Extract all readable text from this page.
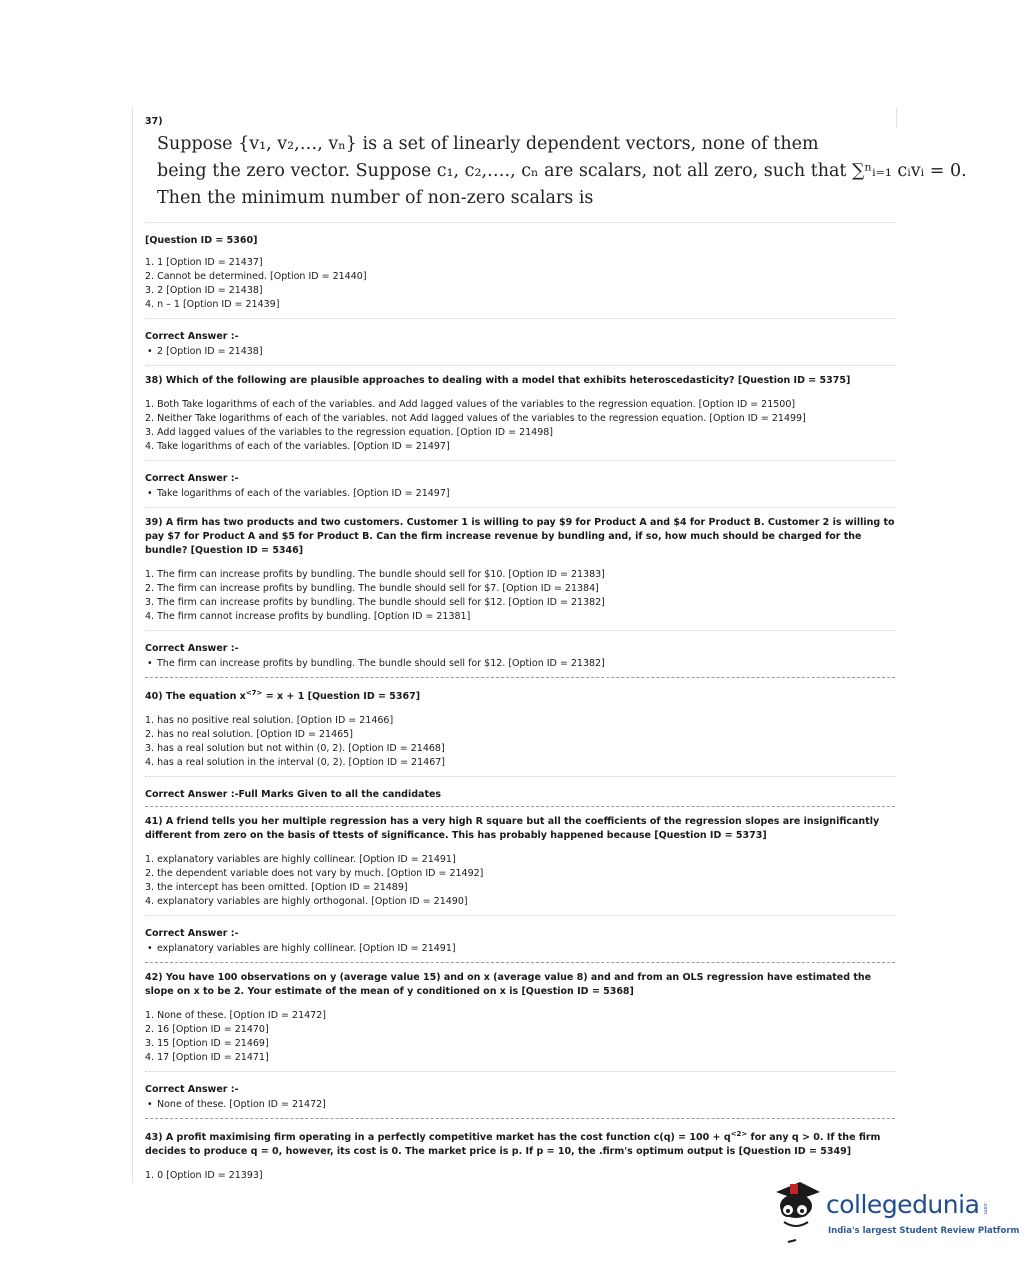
37)
Suppose {v₁, v₂,…, vₙ} is a set of linearly dependent vectors, none of them
being the zero vector. Suppose c₁, c₂,…., cₙ are scalars, not all zero, such that ∑ⁿᵢ₌₁ cᵢvᵢ = 0.
Then the minimum number of non-zero scalars is
[Question ID = 5360]
1. 1 [Option ID = 21437]
2. Cannot be determined. [Option ID = 21440]
3. 2 [Option ID = 21438]
4. n – 1 [Option ID = 21439]
Correct Answer :-
• 2 [Option ID = 21438]
38) Which of the following are plausible approaches to dealing with a model that exhibits heteroscedasticity? [Question ID = 5375]
1. Both Take logarithms of each of the variables. and Add lagged values of the variables to the regression equation. [Option ID = 21500]
2. Neither Take logarithms of each of the variables. not Add lagged values of the variables to the regression equation. [Option ID = 21499]
3. Add lagged values of the variables to the regression equation. [Option ID = 21498]
4. Take logarithms of each of the variables. [Option ID = 21497]
Correct Answer :-
• Take logarithms of each of the variables. [Option ID = 21497]
39) A firm has two products and two customers. Customer 1 is willing to pay $9 for Product A and $4 for Product B. Customer 2 is willing to pay $7 for Product A and $5 for Product B. Can the firm increase revenue by bundling and, if so, how much should be charged for the bundle? [Question ID = 5346]
1. The firm can increase profits by bundling. The bundle should sell for $10. [Option ID = 21383]
2. The firm can increase profits by bundling. The bundle should sell for $7. [Option ID = 21384]
3. The firm can increase profits by bundling. The bundle should sell for $12. [Option ID = 21382]
4. The firm cannot increase profits by bundling. [Option ID = 21381]
Correct Answer :-
• The firm can increase profits by bundling. The bundle should sell for $12. [Option ID = 21382]
40) The equation $x^{<7>} = x + 1$ [Question ID = 5367]
1. has no positive real solution. [Option ID = 21466]
2. has no real solution. [Option ID = 21465]
3. has a real solution but not within (0, 2). [Option ID = 21468]
4. has a real solution in the interval (0, 2). [Option ID = 21467]
Correct Answer :-Full Marks Given to all the candidates
41) A friend tells you her multiple regression has a very high R square but all the coefficients of the regression slopes are insignificantly different from zero on the basis of ttests of significance. This has probably happened because [Question ID = 5373]
1. explanatory variables are highly collinear. [Option ID = 21491]
2. the dependent variable does not vary by much. [Option ID = 21492]
3. the intercept has been omitted. [Option ID = 21489]
4. explanatory variables are highly orthogonal. [Option ID = 21490]
Correct Answer :-
• explanatory variables are highly collinear. [Option ID = 21491]
42) You have 100 observations on y (average value 15) and on x (average value 8) and and from an OLS regression have estimated the slope on x to be 2. Your estimate of the mean of y conditioned on x is [Question ID = 5368]
1. None of these. [Option ID = 21472]
2. 16 [Option ID = 21470]
3. 15 [Option ID = 21469]
4. 17 [Option ID = 21471]
Correct Answer :-
• None of these. [Option ID = 21472]
43) A profit maximising firm operating in a perfectly competitive market has the cost function $c(q) = 100 + q^{<2>}$ for any q > 0. If the firm decides to produce q = 0, however, its cost is 0. The market price is p. If p = 10, the .firm's optimum output is [Question ID = 5349]
1. 0 [Option ID = 21393]
collegedunia .com
India's largest Student Review Platform
